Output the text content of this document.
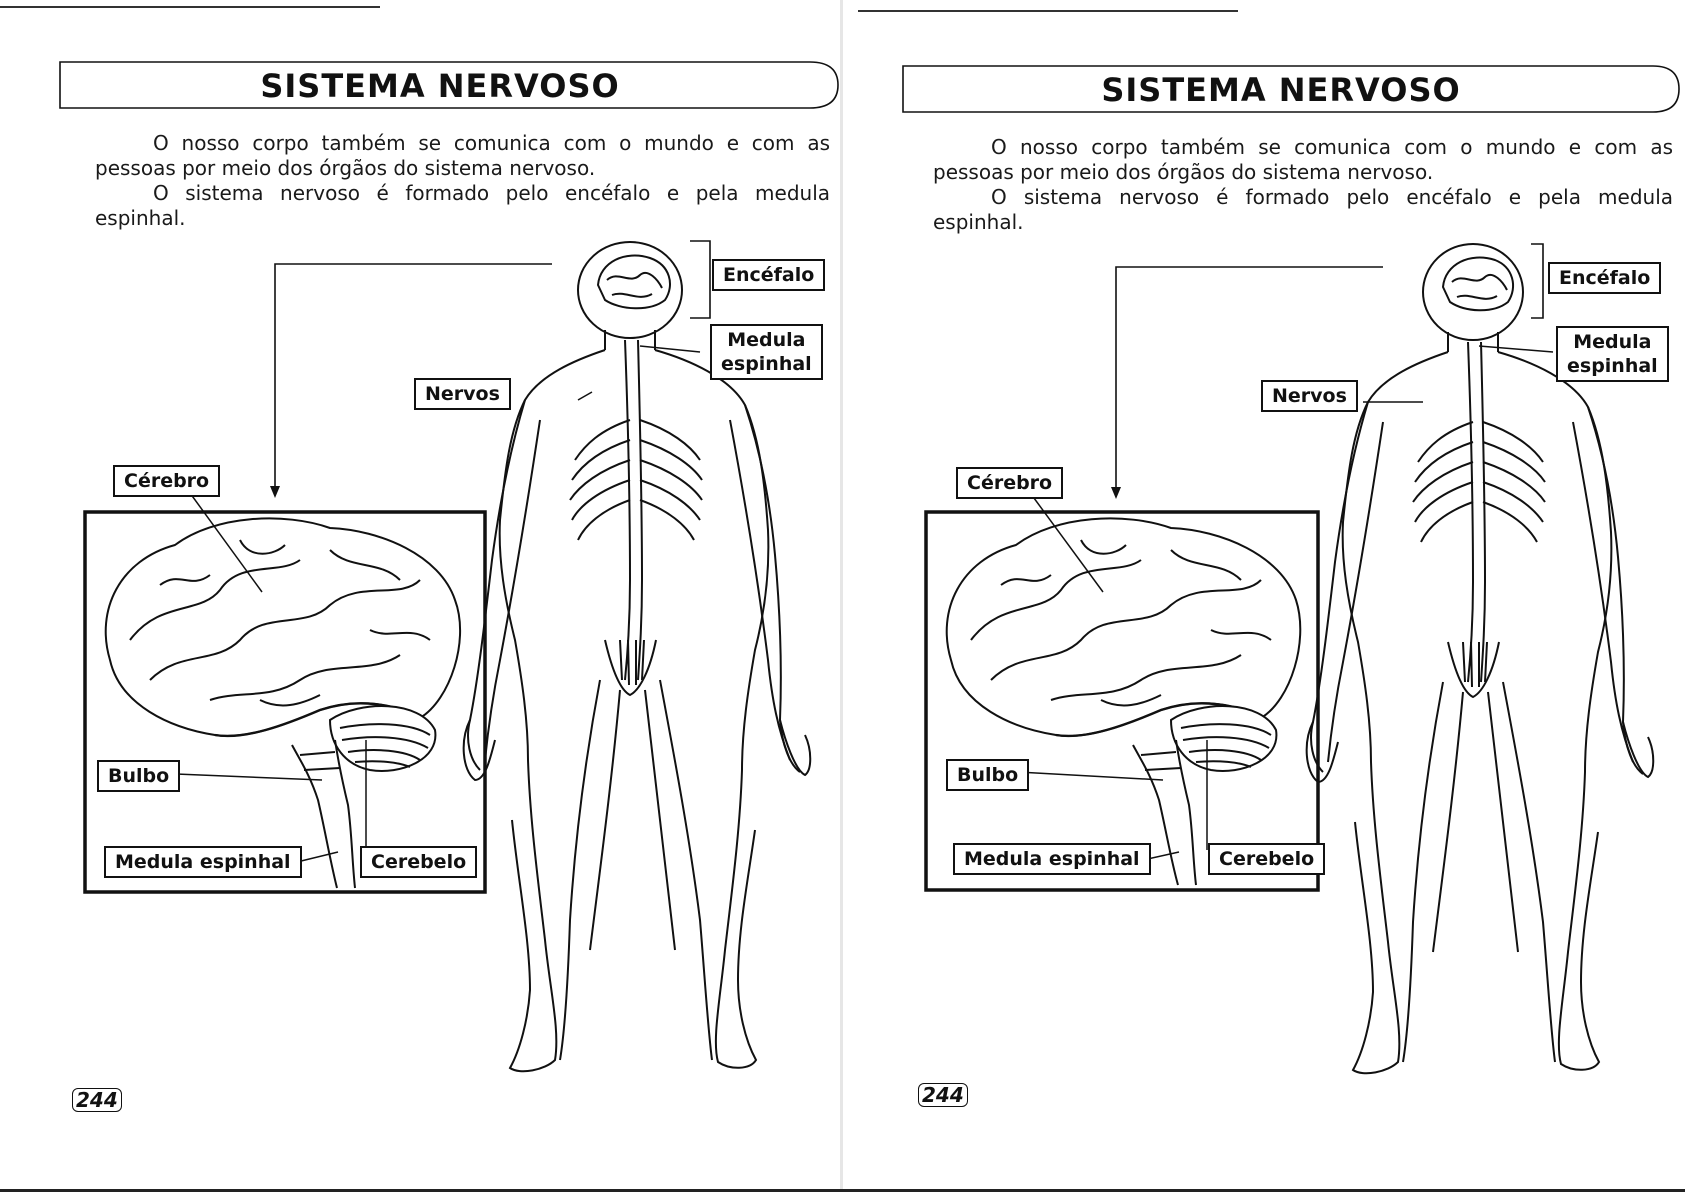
SISTEMA NERVOSO

O nosso corpo também se comunica com o mundo e com as pessoas por meio dos órgãos do sistema nervoso.

O sistema nervoso é formado pelo encéfalo e pela medula espinhal.

Encéfalo
Medula
espinhal
Nervos
Cérebro
Bulbo
Medula espinhal	Cerebelo
244
SISTEMA NERVOSO

O nosso corpo também se comunica com o mundo e com as pessoas por meio dos órgãos do sistema nervoso.

O sistema nervoso é formado pelo encéfalo e pela medula espinhal.

Encéfalo
Medula
espinhal
Nervos
Cérebro
Bulbo
Medula espinhal	Cerebelo
244
